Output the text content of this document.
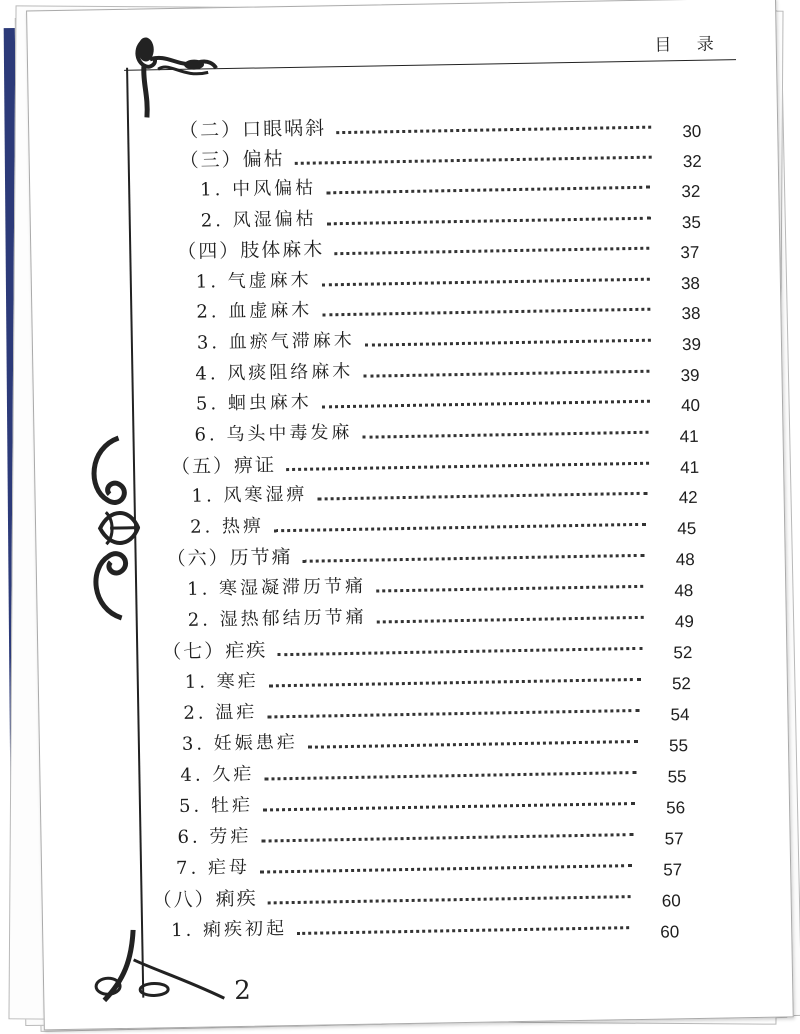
目 录
（二）口眼㖞斜	30
（三）偏枯	32
1. 中风偏枯	32
2. 风湿偏枯	35
（四）肢体麻木	37
1. 气虚麻木	38
2. 血虚麻木	38
3. 血瘀气滞麻木	39
4. 风痰阻络麻木	39
5. 蛔虫麻木	40
6. 乌头中毒发麻	41
（五）痹证	41
1. 风寒湿痹	42
2. 热痹	45
（六）历节痛	48
1. 寒湿凝滞历节痛	48
2. 湿热郁结历节痛	49
（七）疟疾	52
1. 寒疟	52
2. 温疟	54
3. 妊娠患疟	55
4. 久疟	55
5. 牡疟	56
6. 劳疟	57
7. 疟母	57
（八）痢疾	60
1. 痢疾初起	60
2
